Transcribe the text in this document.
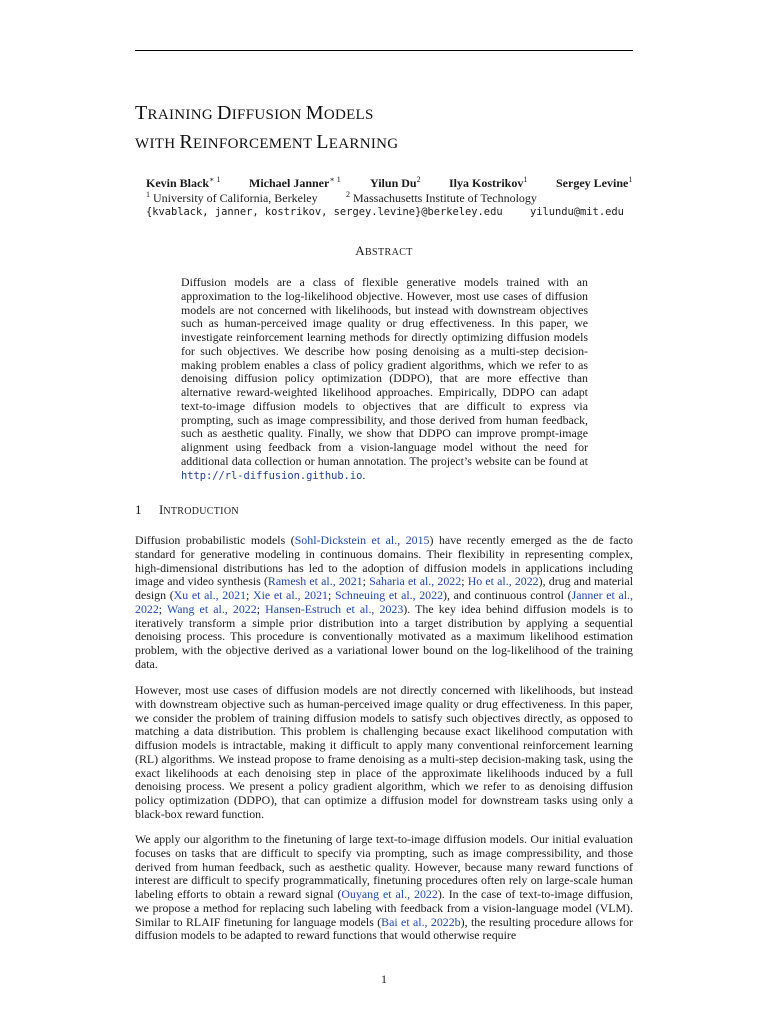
TRAINING DIFFUSION MODELS
WITH REINFORCEMENT LEARNING
Kevin Black$^{∗ 1}$ Michael Janner$^{∗ 1}$ Yilun Du$^2$ Ilya Kostrikov$^1$ Sergey Levine$^1$
$^1$ University of California, Berkeley	$^2$ Massachusetts Institute of Technology
{kvablack, janner, kostrikov, sergey.levine}@berkeley.edu	yilundu@mit.edu
ABSTRACT
Diffusion models are a class of flexible generative models trained with an approximation to the log-likelihood objective. However, most use cases of diffusion models are not concerned with likelihoods, but instead with downstream objectives such as human-perceived image quality or drug effectiveness. In this paper, we investigate reinforcement learning methods for directly optimizing diffusion models for such objectives. We describe how posing denoising as a multi-step decision-making problem enables a class of policy gradient algorithms, which we refer to as denoising diffusion policy optimization (DDPO), that are more effective than alternative reward-weighted likelihood approaches. Empirically, DDPO can adapt text-to-image diffusion models to objectives that are difficult to express via prompting, such as image compressibility, and those derived from human feedback, such as aesthetic quality. Finally, we show that DDPO can improve prompt-image alignment using feedback from a vision-language model without the need for additional data collection or human annotation. The project’s website can be found at http://rl-diffusion.github.io.
1 INTRODUCTION
Diffusion probabilistic models (Sohl-Dickstein et al., 2015) have recently emerged as the de facto standard for generative modeling in continuous domains. Their flexibility in representing complex, high-dimensional distributions has led to the adoption of diffusion models in applications including image and video synthesis (Ramesh et al., 2021; Saharia et al., 2022; Ho et al., 2022), drug and material design (Xu et al., 2021; Xie et al., 2021; Schneuing et al., 2022), and continuous control (Janner et al., 2022; Wang et al., 2022; Hansen-Estruch et al., 2023). The key idea behind diffusion models is to iteratively transform a simple prior distribution into a target distribution by applying a sequential denoising process. This procedure is conventionally motivated as a maximum likelihood estimation problem, with the objective derived as a variational lower bound on the log-likelihood of the training data.
However, most use cases of diffusion models are not directly concerned with likelihoods, but instead with downstream objective such as human-perceived image quality or drug effectiveness. In this paper, we consider the problem of training diffusion models to satisfy such objectives directly, as opposed to matching a data distribution. This problem is challenging because exact likelihood computation with diffusion models is intractable, making it difficult to apply many conventional reinforcement learning (RL) algorithms. We instead propose to frame denoising as a multi-step decision-making task, using the exact likelihoods at each denoising step in place of the approximate likelihoods induced by a full denoising process. We present a policy gradient algorithm, which we refer to as denoising diffusion policy optimization (DDPO), that can optimize a diffusion model for downstream tasks using only a black-box reward function.
We apply our algorithm to the finetuning of large text-to-image diffusion models. Our initial evaluation focuses on tasks that are difficult to specify via prompting, such as image compressibility, and those derived from human feedback, such as aesthetic quality. However, because many reward functions of interest are difficult to specify programmatically, finetuning procedures often rely on large-scale human labeling efforts to obtain a reward signal (Ouyang et al., 2022). In the case of text-to-image diffusion, we propose a method for replacing such labeling with feedback from a vision-language model (VLM). Similar to RLAIF finetuning for language models (Bai et al., 2022b), the resulting procedure allows for diffusion models to be adapted to reward functions that would otherwise require
1
